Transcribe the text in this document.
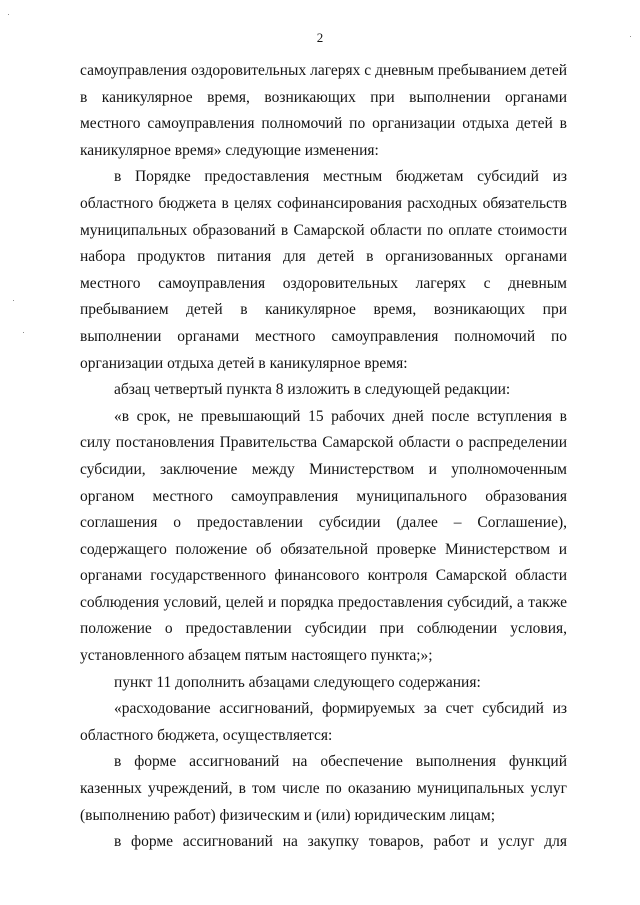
2

самоуправления оздоровительных лагерях с дневным пребыванием детей в каникулярное время, возникающих при выполнении органами местного самоуправления полномочий по организации отдыха детей в каникулярное время» следующие изменения:

в Порядке предоставления местным бюджетам субсидий из областного бюджета в целях софинансирования расходных обязательств муниципальных образований в Самарской области по оплате стоимости набора продуктов питания для детей в организованных органами местного самоуправления оздоровительных лагерях с дневным пребыванием детей в каникулярное время, возникающих при выполнении органами местного самоуправления полномочий по организации отдыха детей в каникулярное время:

абзац четвертый пункта 8 изложить в следующей редакции:

«в срок, не превышающий 15 рабочих дней после вступления в силу постановления Правительства Самарской области о распределении субсидии, заключение между Министерством и уполномоченным органом местного самоуправления муниципального образования соглашения о предоставлении субсидии (далее – Соглашение), содержащего положение об обязательной проверке Министерством и органами государственного финансового контроля Самарской области соблюдения условий, целей и порядка предоставления субсидий, а также положение о предоставлении субсидии при соблюдении условия, установленного абзацем пятым настоящего пункта;»;

пункт 11 дополнить абзацами следующего содержания:

«расходование ассигнований, формируемых за счет субсидий из областного бюджета, осуществляется:

в форме ассигнований на обеспечение выполнения функций казенных учреждений, в том числе по оказанию муниципальных услуг (выполнению работ) физическим и (или) юридическим лицам;

в форме ассигнований на закупку товаров, работ и услуг для
